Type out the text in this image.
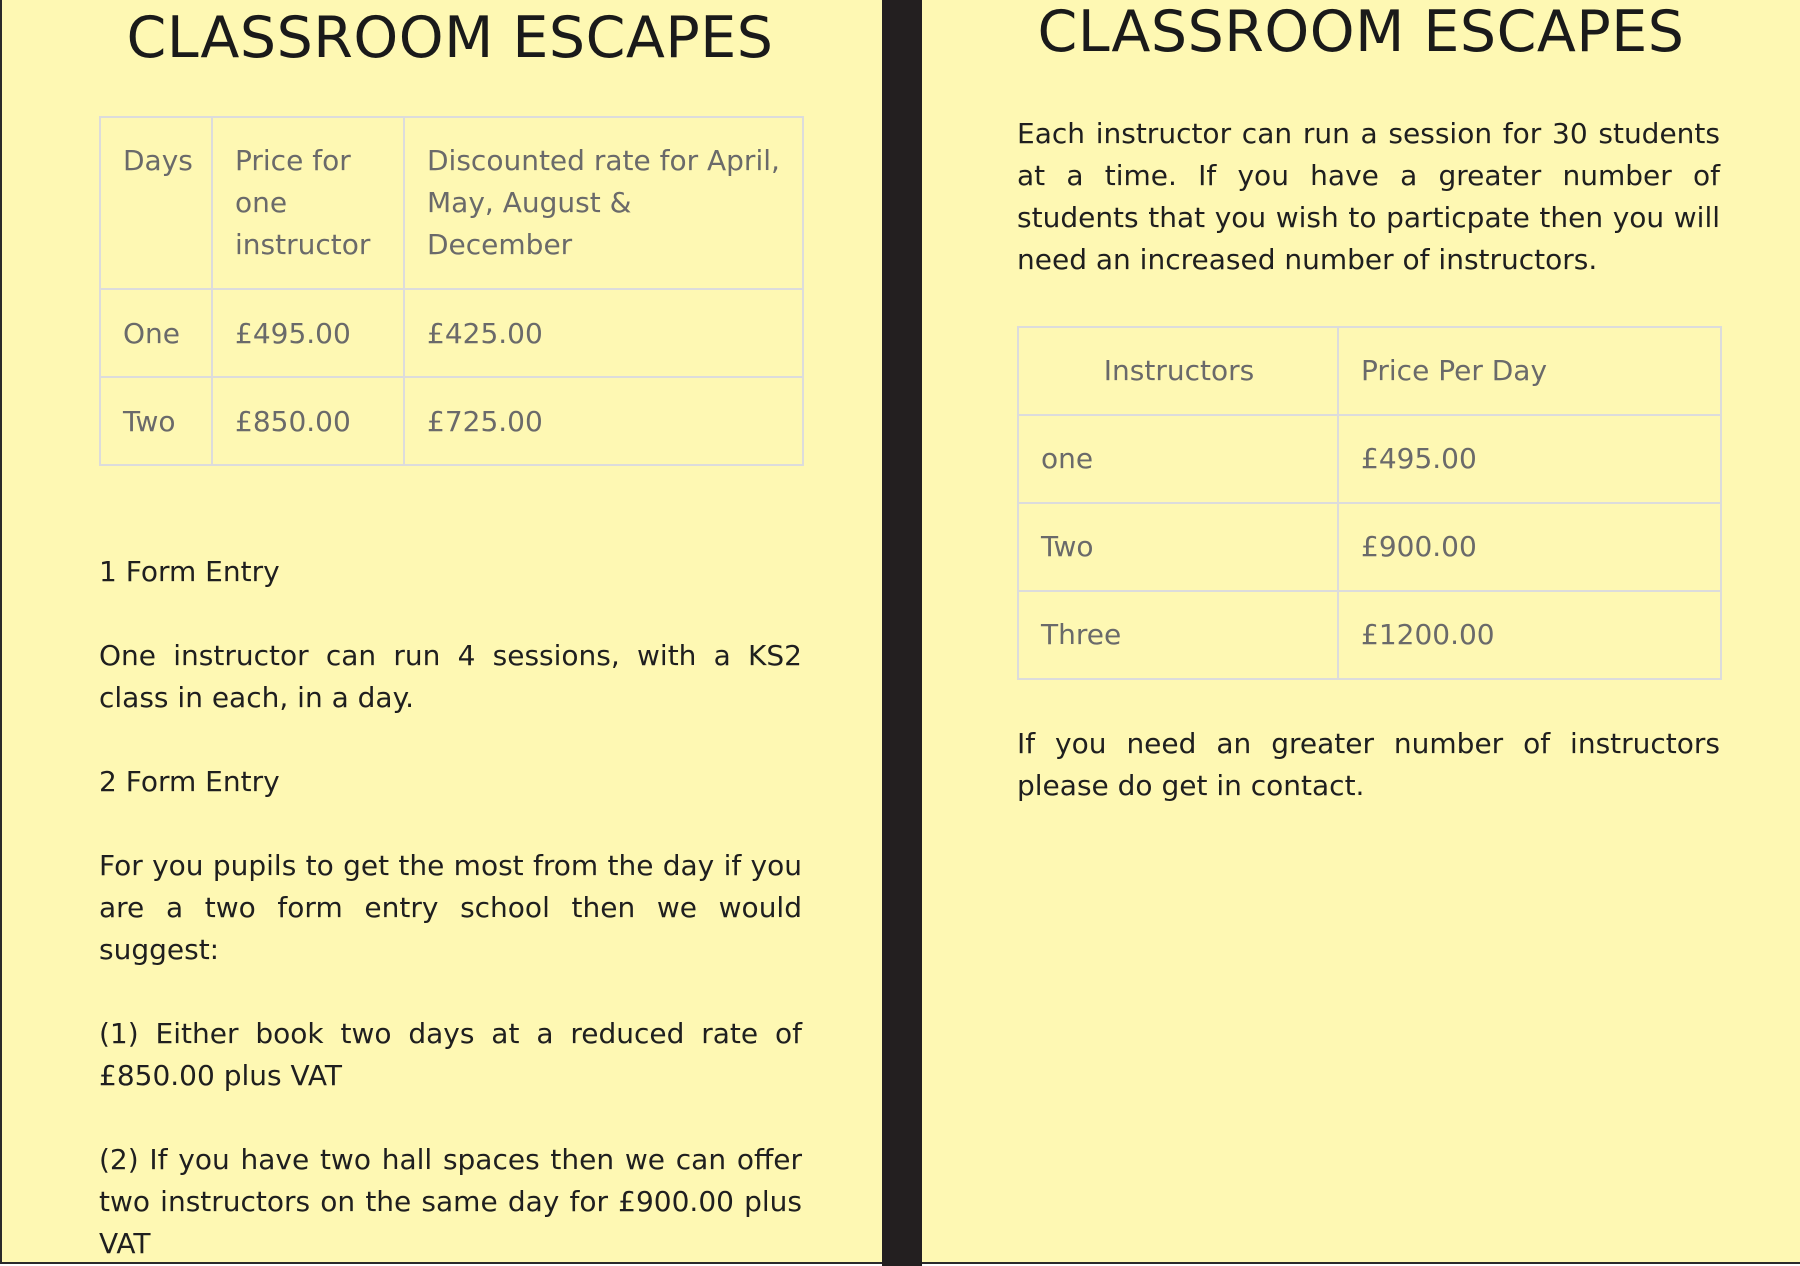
CLASSROOM ESCAPES
Days	Price for one instructor	Discounted rate for April, May, August & December
One	£495.00	£425.00
Two	£850.00	£725.00

1 Form Entry

One instructor can run 4 sessions, with a KS2 class in each, in a day.

2 Form Entry

For you pupils to get the most from the day if you are a two form entry school then we would suggest:

(1) Either book two days at a reduced rate of £850.00 plus VAT

(2) If you have two hall spaces then we can offer two instructors on the same day for £900.00 plus VAT

CLASSROOM ESCAPES

Each instructor can run a session for 30 students at a time. If you have a greater number of students that you wish to particpate then you will need an increased number of instructors.

Instructors	Price Per Day
one	£495.00
Two	£900.00
Three	£1200.00

If you need an greater number of instructors please do get in contact.
